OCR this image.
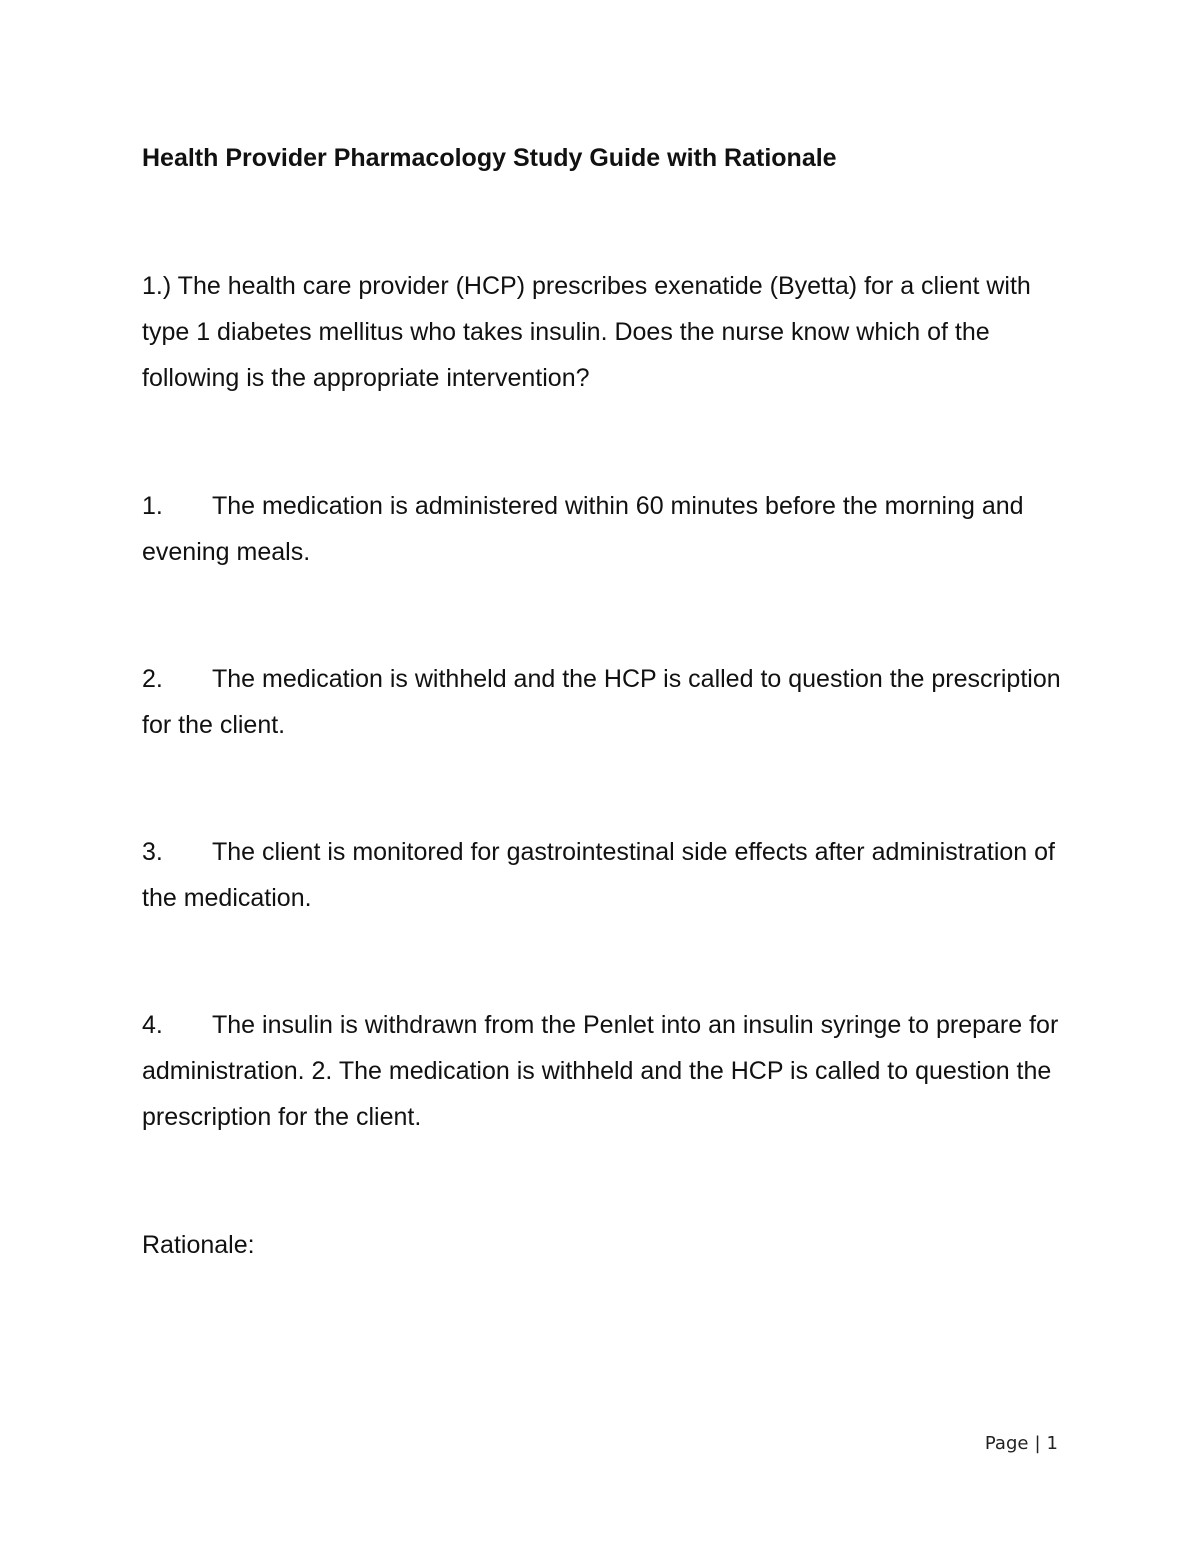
Health Provider Pharmacology Study Guide with Rationale

1.) The health care provider (HCP) prescribes exenatide (Byetta) for a client with type 1 diabetes mellitus who takes insulin. Does the nurse know which of the following is the appropriate intervention?

1. The medication is administered within 60 minutes before the morning and evening meals.

2. The medication is withheld and the HCP is called to question the prescription for the client.

3. The client is monitored for gastrointestinal side effects after administration of the medication.

4. The insulin is withdrawn from the Penlet into an insulin syringe to prepare for administration. 2. The medication is withheld and the HCP is called to question the prescription for the client.

Rationale:

Page | 1
